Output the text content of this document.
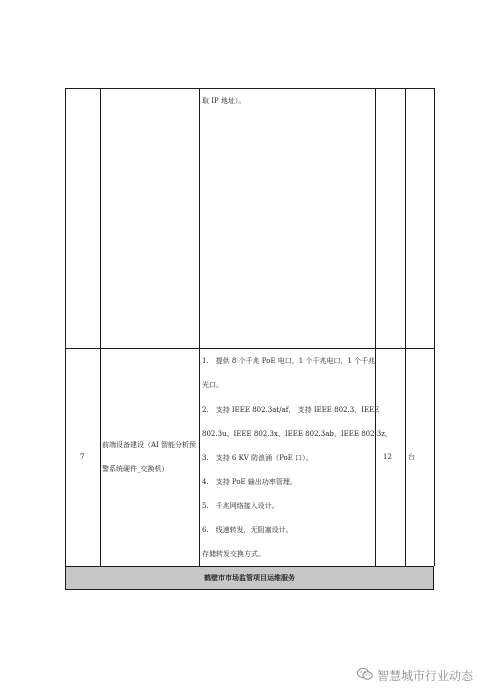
取 IP 地址）。
7
前端设备建设（AI 智能分析预
警系统硬件_交换机）
1.　提供 8 个千兆 PoE 电口，1 个千兆电口，1 个千兆
光口。
2.　支持 IEEE 802.3at/af， 支持 IEEE 802.3、IEEE
802.3u、IEEE 802.3x、IEEE 802.3ab、IEEE 802.3z。
3.　支持 6 KV 防浪涌（PoE 口）。
4.　支持 PoE 输出功率管理。
5.　千兆网络接入设计。
6.　线速转发，无阻塞设计。
存储转发交换方式。
12 台
鹤壁市市场监管项目运维服务
智慧城市行业动态
